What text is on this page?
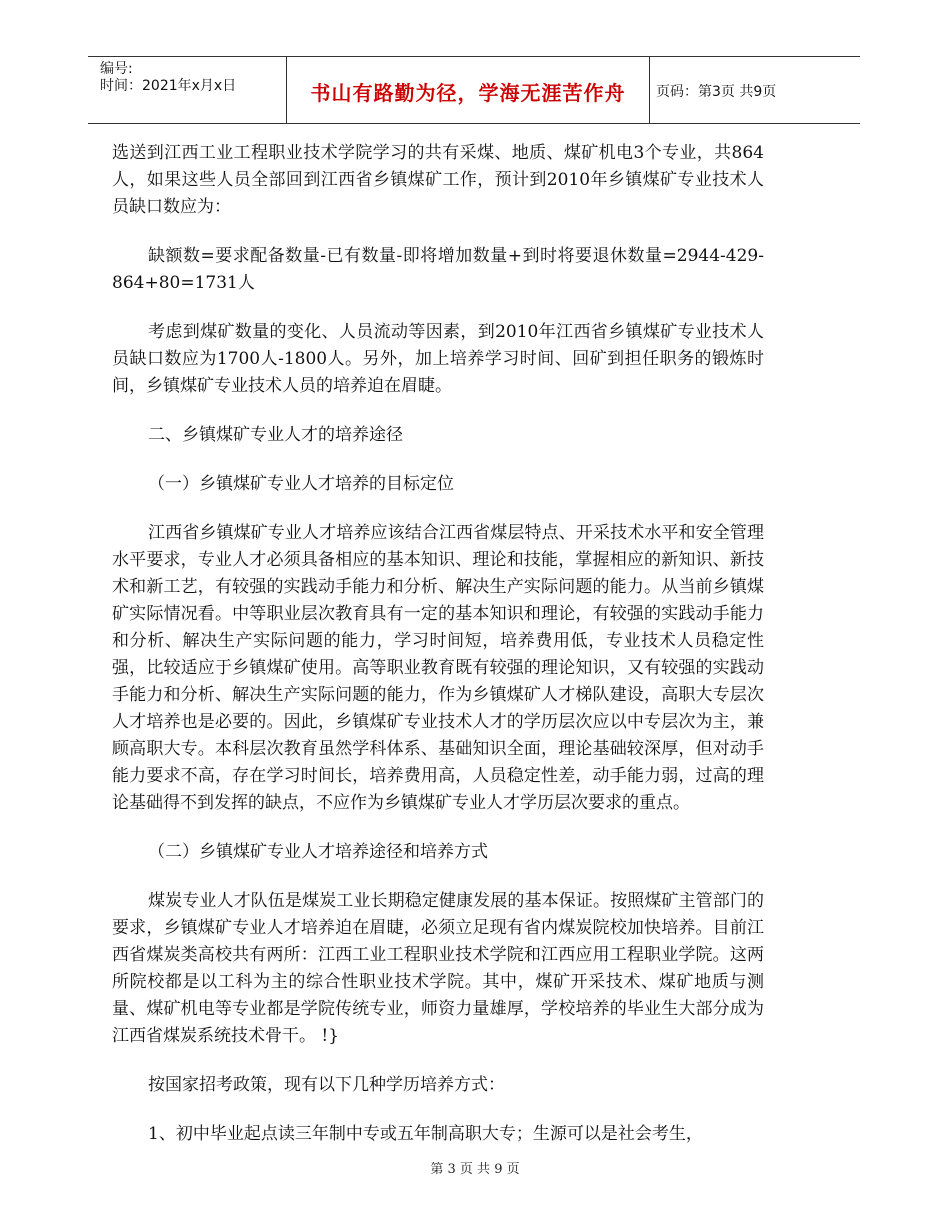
编号:
时间：2021年x月x日	书山有路勤为径，学海无涯苦作舟	页码：第3页 共9页

选送到江西工业工程职业技术学院学习的共有采煤、地质、煤矿机电3个专业，共864人，如果这些人员全部回到江西省乡镇煤矿工作，预计到2010年乡镇煤矿专业技术人员缺口数应为：

缺额数=要求配备数量-已有数量-即将增加数量+到时将要退休数量=2944-429-864+80=1731人

考虑到煤矿数量的变化、人员流动等因素，到2010年江西省乡镇煤矿专业技术人员缺口数应为1700人-1800人。另外，加上培养学习时间、回矿到担任职务的锻炼时间，乡镇煤矿专业技术人员的培养迫在眉睫。

二、乡镇煤矿专业人才的培养途径

（一）乡镇煤矿专业人才培养的目标定位

江西省乡镇煤矿专业人才培养应该结合江西省煤层特点、开采技术水平和安全管理水平要求，专业人才必须具备相应的基本知识、理论和技能，掌握相应的新知识、新技术和新工艺，有较强的实践动手能力和分析、解决生产实际问题的能力。从当前乡镇煤矿实际情况看。中等职业层次教育具有一定的基本知识和理论，有较强的实践动手能力和分析、解决生产实际问题的能力，学习时间短，培养费用低，专业技术人员稳定性强，比较适应于乡镇煤矿使用。高等职业教育既有较强的理论知识，又有较强的实践动手能力和分析、解决生产实际问题的能力，作为乡镇煤矿人才梯队建设，高职大专层次人才培养也是必要的。因此，乡镇煤矿专业技术人才的学历层次应以中专层次为主，兼顾高职大专。本科层次教育虽然学科体系、基础知识全面，理论基础较深厚，但对动手能力要求不高，存在学习时间长，培养费用高，人员稳定性差，动手能力弱，过高的理论基础得不到发挥的缺点，不应作为乡镇煤矿专业人才学历层次要求的重点。

（二）乡镇煤矿专业人才培养途径和培养方式

煤炭专业人才队伍是煤炭工业长期稳定健康发展的基本保证。按照煤矿主管部门的要求，乡镇煤矿专业人才培养迫在眉睫，必须立足现有省内煤炭院校加快培养。目前江西省煤炭类高校共有两所：江西工业工程职业技术学院和江西应用工程职业学院。这两所院校都是以工科为主的综合性职业技术学院。其中，煤矿开采技术、煤矿地质与测量、煤矿机电等专业都是学院传统专业，师资力量雄厚，学校培养的毕业生大部分成为江西省煤炭系统技术骨干。 !}

按国家招考政策，现有以下几种学历培养方式：

1、初中毕业起点读三年制中专或五年制高职大专；生源可以是社会考生，

第 3 页 共 9 页
